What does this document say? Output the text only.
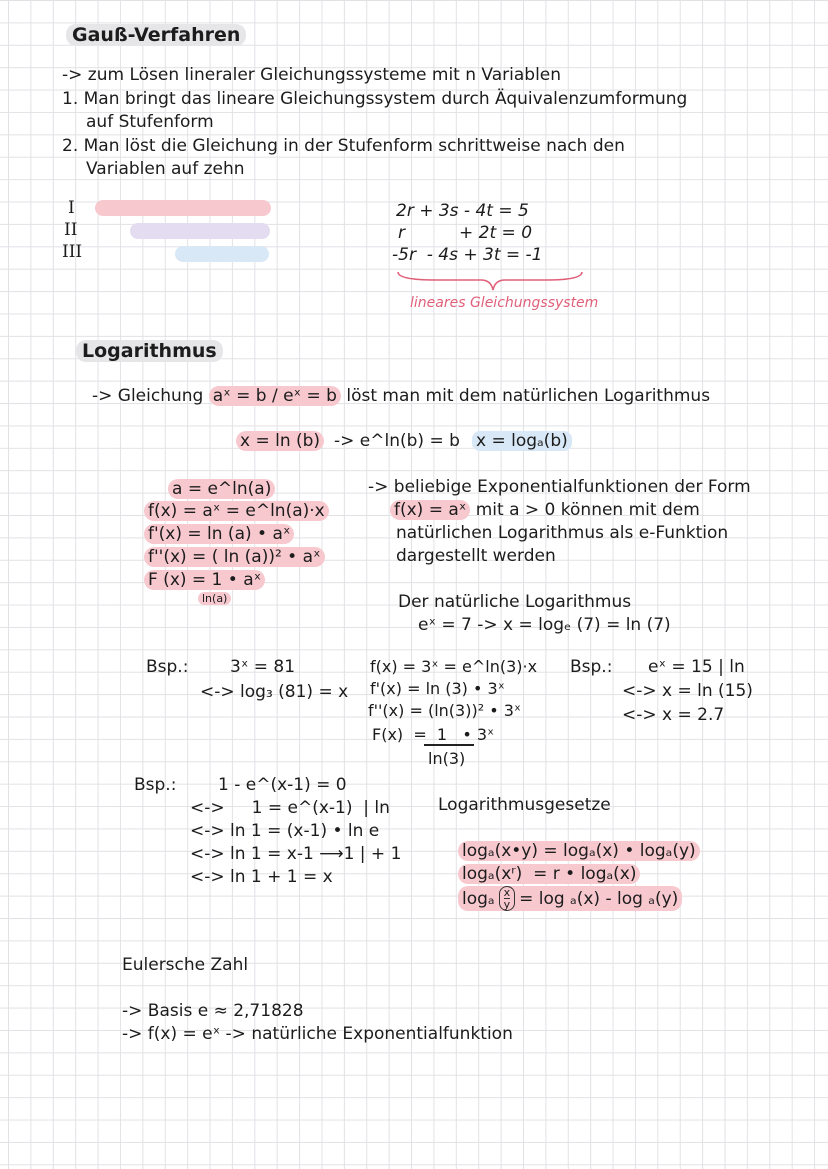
Gauß-Verfahren
-> zum Lösen lineraler Gleichungssysteme mit n Variablen
1. Man bringt das lineare Gleichungssystem durch Äquivalenzumformung
auf Stufenform
2. Man löst die Gleichung in der Stufenform schrittweise nach den
Variablen auf zehn
I
II
III
2r + 3s - 4t = 5
r          + 2t = 0
-5r  - 4s + 3t = -1
lineares Gleichungssystem
Logarithmus
-> Gleichung aˣ = b / eˣ = b löst man mit dem natürlichen Logarithmus
x = ln (b) -> e^ln(b) = b x = logₐ(b)
a = e^ln(a)
f(x) = aˣ = e^ln(a)·x
f'(x) = ln (a) • aˣ
f''(x) = ( ln (a))² • aˣ
F (x) = 1 • aˣ
ln(a)
-> beliebige Exponentialfunktionen der Form
f(x) = aˣ mit a > 0 können mit dem
natürlichen Logarithmus als e-Funktion
dargestellt werden
Der natürliche Logarithmus
eˣ = 7 -> x = logₑ (7) = ln (7)
Bsp.: 3ˣ = 81
<-> log₃ (81) = x
f(x) = 3ˣ = e^ln(3)·x
f'(x) = ln (3) • 3ˣ
f''(x) = (ln(3))² • 3ˣ
F(x)  =  1   • 3ˣ
ln(3)
Bsp.: eˣ = 15 | ln
<-> x = ln (15)
<-> x = 2.7
Bsp.: 1 - e^(x-1) = 0
<->     1 = e^(x-1)  | ln
<-> ln 1 = (x-1) • ln e
<-> ln 1 = x-1 ⟶1 | + 1
<-> ln 1 + 1 = x
Logarithmusgesetze
logₐ(x•y) = logₐ(x) • logₐ(y)
logₐ(xʳ)  = r • logₐ(x)
logₐ $\frac{x}{y} = \log _a(x) - \log _a(y)$
Eulersche Zahl
-> Basis e ≈ 2,71828
-> f(x) = eˣ -> natürliche Exponentialfunktion
